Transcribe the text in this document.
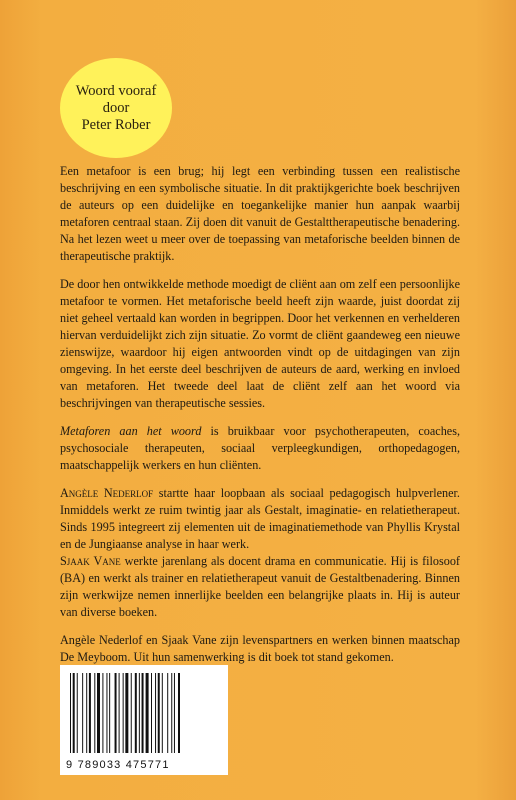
Woord vooraf
door
Peter Rober

Een metafoor is een brug; hij legt een verbinding tussen een realistische beschrijving en een symbolische situatie. In dit praktijkgerichte boek beschrijven de auteurs op een duidelijke en toegankelijke manier hun aanpak waarbij metaforen centraal staan. Zij doen dit vanuit de Gestalttherapeutische benadering. Na het lezen weet u meer over de toepassing van metaforische beelden binnen de therapeutische praktijk.

De door hen ontwikkelde methode moedigt de cliënt aan om zelf een persoonlijke metafoor te vormen. Het metaforische beeld heeft zijn waarde, juist doordat zij niet geheel vertaald kan worden in begrippen. Door het verkennen en verhelderen hiervan verduidelijkt zich zijn situatie. Zo vormt de cliënt gaandeweg een nieuwe zienswijze, waardoor hij eigen antwoorden vindt op de uitdagingen van zijn omgeving. In het eerste deel beschrijven de auteurs de aard, werking en invloed van metaforen. Het tweede deel laat de cliënt zelf aan het woord via beschrijvingen van therapeutische sessies.

Metaforen aan het woord is bruikbaar voor psychotherapeuten, coaches, psychosociale therapeuten, sociaal verpleegkundigen, orthopedagogen, maatschappelijk werkers en hun cliënten.

Angèle Nederlof startte haar loopbaan als sociaal pedagogisch hulpverlener. Inmiddels werkt ze ruim twintig jaar als Gestalt, imaginatie- en relatietherapeut. Sinds 1995 integreert zij elementen uit de imaginatiemethode van Phyllis Krystal en de Jungiaanse analyse in haar werk.

Sjaak Vane werkte jarenlang als docent drama en communicatie. Hij is filosoof (BA) en werkt als trainer en relatietherapeut vanuit de Gestaltbenadering. Binnen zijn werkwijze nemen innerlijke beelden een belangrijke plaats in. Hij is auteur van diverse boeken.

Angèle Nederlof en Sjaak Vane zijn levenspartners en werken binnen maatschap De Meyboom. Uit hun samenwerking is dit boek tot stand gekomen.

9 789033 475771
